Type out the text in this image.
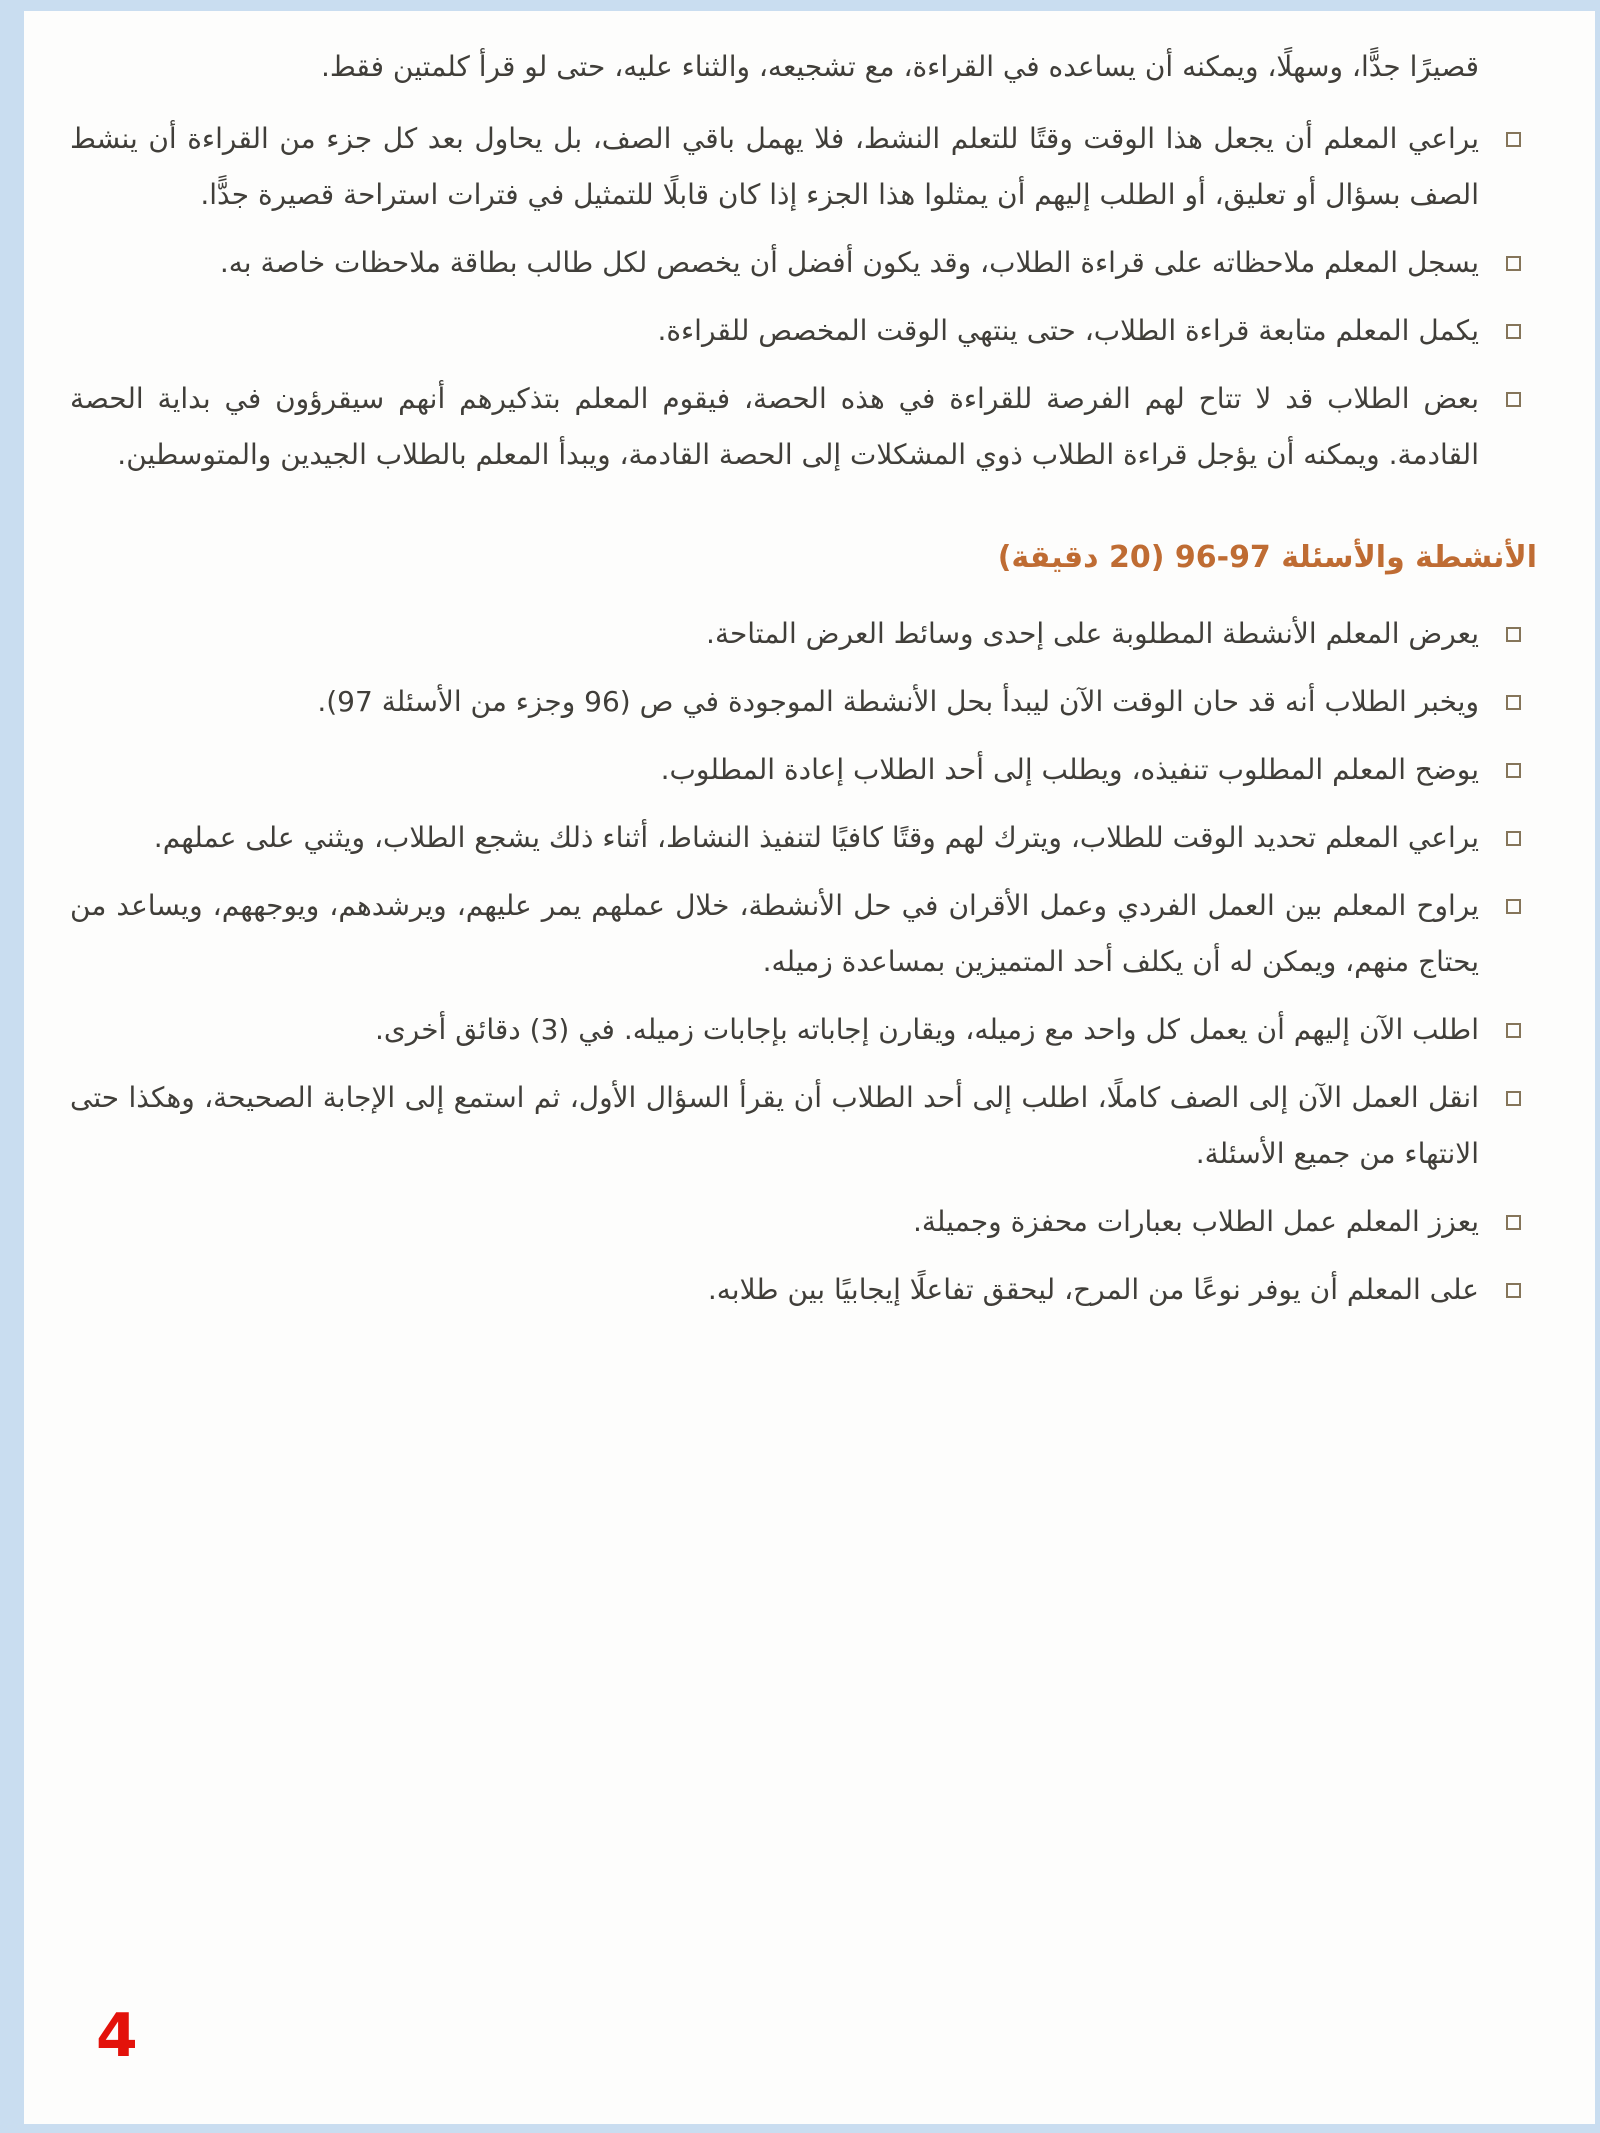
قصيرًا جدًّا، وسهلًا، ويمكنه أن يساعده في القراءة، مع تشجيعه، والثناء عليه، حتى لو قرأ كلمتين فقط.

يراعي المعلم أن يجعل هذا الوقت وقتًا للتعلم النشط، فلا يهمل باقي الصف، بل يحاول بعد كل جزء من القراءة أن ينشط الصف بسؤال أو تعليق، أو الطلب إليهم أن يمثلوا هذا الجزء إذا كان قابلًا للتمثيل في فترات استراحة قصيرة جدًّا.
يسجل المعلم ملاحظاته على قراءة الطلاب، وقد يكون أفضل أن يخصص لكل طالب بطاقة ملاحظات خاصة به.
يكمل المعلم متابعة قراءة الطلاب، حتى ينتهي الوقت المخصص للقراءة.
بعض الطلاب قد لا تتاح لهم الفرصة للقراءة في هذه الحصة، فيقوم المعلم بتذكيرهم أنهم سيقرؤون في بداية الحصة القادمة. ويمكنه أن يؤجل قراءة الطلاب ذوي المشكلات إلى الحصة القادمة، ويبدأ المعلم بالطلاب الجيدين والمتوسطين.
الأنشطة والأسئلة 97-96 (20 دقيقة)
يعرض المعلم الأنشطة المطلوبة على إحدى وسائط العرض المتاحة.
ويخبر الطلاب أنه قد حان الوقت الآن ليبدأ بحل الأنشطة الموجودة في ص (96 وجزء من الأسئلة 97).
يوضح المعلم المطلوب تنفيذه، ويطلب إلى أحد الطلاب إعادة المطلوب.
يراعي المعلم تحديد الوقت للطلاب، ويترك لهم وقتًا كافيًا لتنفيذ النشاط، أثناء ذلك يشجع الطلاب، ويثني على عملهم.
يراوح المعلم بين العمل الفردي وعمل الأقران في حل الأنشطة، خلال عملهم يمر عليهم، ويرشدهم، ويوجههم، ويساعد من يحتاج منهم، ويمكن له أن يكلف أحد المتميزين بمساعدة زميله.
اطلب الآن إليهم أن يعمل كل واحد مع زميله، ويقارن إجاباته بإجابات زميله. في (3) دقائق أخرى.
انقل العمل الآن إلى الصف كاملًا، اطلب إلى أحد الطلاب أن يقرأ السؤال الأول، ثم استمع إلى الإجابة الصحيحة، وهكذا حتى الانتهاء من جميع الأسئلة.
يعزز المعلم عمل الطلاب بعبارات محفزة وجميلة.
على المعلم أن يوفر نوعًا من المرح، ليحقق تفاعلًا إيجابيًا بين طلابه.
4
